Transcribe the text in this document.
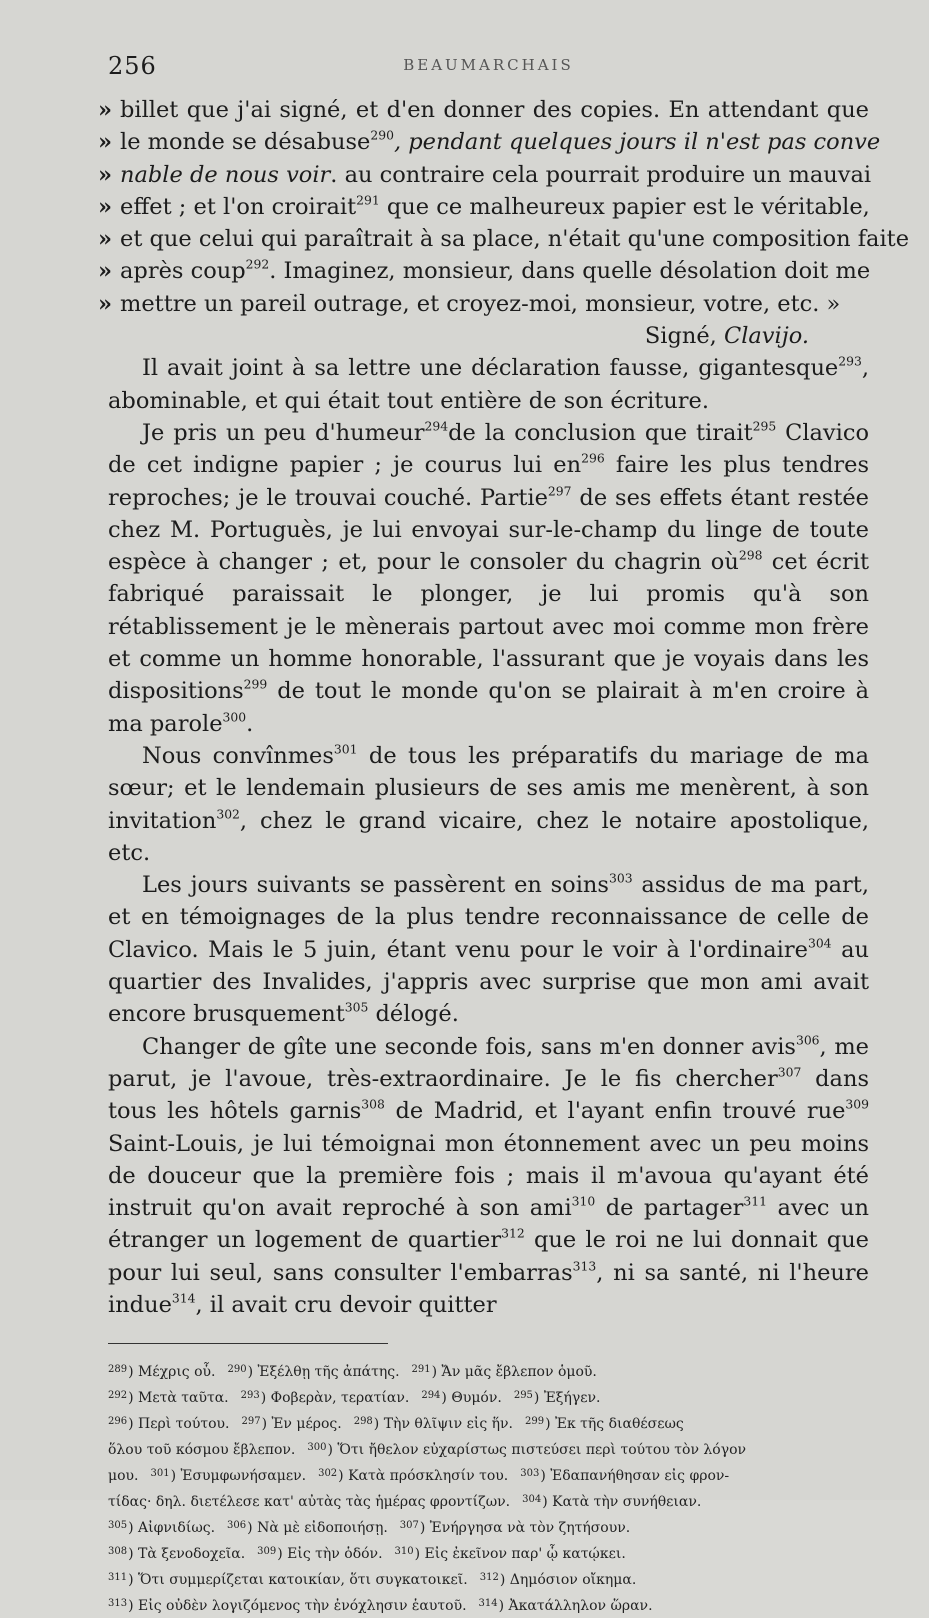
256	BEAUMARCHAIS
» billet que j'ai signé, et d'en donner des copies. En attendant que
» le monde se désabuse$^{290}$, pendant quelques jours il n'est pas conve
» nable de nous voir. au contraire cela pourrait produire un mauvai
» effet ; et l'on croirait$^{291}$ que ce malheureux papier est le véritable,
» et que celui qui paraîtrait à sa place, n'était qu'une composition faite
» après coup$^{292}$. Imaginez, monsieur, dans quelle désolation doit me
» mettre un pareil outrage, et croyez-moi, monsieur, votre, etc. »
Signé, Clavijo.

Il avait joint à sa lettre une déclaration fausse, gigantesque$^{293}$, abominable, et qui était tout entière de son écriture.

Je pris un peu d'humeur$^{294}$de la conclusion que tirait$^{295}$ Clavico de cet indigne papier ; je courus lui $en^{296}$ faire les plus tendres reproches; je le trouvai couché. Partie$^{297}$ de ses effets étant restée chez M. Portuguès, je lui envoyai sur-le-champ du linge de toute espèce à changer ; et, pour le consoler du chagrin $où^{298}$ cet écrit fabriqué paraissait le plonger, je lui promis qu'à son rétablissement je le mènerais partout avec moi comme mon frère et comme un homme honorable, l'assurant que je voyais dans les dispositions$^{299}$ de tout le monde qu'on se plairait à m'en croire à ma parole$^{300}$.

Nous convînmes$^{301}$ de tous les préparatifs du mariage de ma sœur; et le lendemain plusieurs de ses amis me menèrent, à son invitation$^{302}$, chez le grand vicaire, chez le notaire apostolique, etc.

Les jours suivants se passèrent en soins$^{303}$ assidus de ma part, et en témoignages de la plus tendre reconnaissance de celle de Clavico. Mais le 5 juin, étant venu pour le voir à l'ordinaire$^{304}$ au quartier des Invalides, j'appris avec surprise que mon ami avait encore brusquement$^{305}$ délogé.

Changer de gîte une seconde fois, sans m'en donner avis$^{306}$, me parut, je l'avoue, très-extraordinaire. Je le fis chercher$^{307}$ dans tous les hôtels garnis$^{308}$ de Madrid, et l'ayant enfin trouvé rue$^{309}$ Saint-Louis, je lui témoignai mon étonnement avec un peu moins de douceur que la première fois ; mais il m'avoua qu'ayant été instruit qu'on avait reproché à son ami$^{310}$ de partager$^{311}$ avec un étranger un logement de quartier$^{312}$ que le roi ne lui donnait que pour lui seul, sans consulter l'embarras$^{313}$, ni sa santé, ni l'heure indue$^{314}$, il avait cru devoir quitter

$^{289}$) Μέχρις οὗ. $^{290}$) Ἐξέλθῃ τῆς ἀπάτης. $^{291}$) Ἄν μᾶς ἔβλεπον ὁμοῦ.
$^{292}$) Μετὰ ταῦτα. $^{293}$) Φοβερὰν, τερατίαν. $^{294}$) Θυμόν. $^{295}$) Ἐξήγεν.
$^{296}$) Περὶ τούτου. $^{297}$) Ἐν μέρος. $^{298}$) Τὴν θλῖψιν εἰς ἥν. $^{299}$) Ἐκ τῆς διαθέσεως
ὅλου τοῦ κόσμου ἔβλεπον. $^{300}$) Ὅτι ἤθελον εὐχαρίστως πιστεύσει περὶ τούτου τὸν λόγον
μου. $^{301}$) Ἐσυμφωνήσαμεν. $^{302}$) Κατὰ πρόσκλησίν του. $^{303}$) Ἐδαπανήθησαν εἰς φρον-
τίδας· δηλ. διετέλεσε κατ' αὐτὰς τὰς ἡμέρας φροντίζων. $^{304}$) Κατὰ τὴν συνήθειαν.
$^{305}$) Αἰφνιδίως. $^{306}$) Νὰ μὲ εἰδοποιήσῃ. $^{307}$) Ἐνήργησα νὰ τὸν ζητήσουν.
$^{308}$) Τὰ ξενοδοχεῖα. $^{309}$) Εἰς τὴν ὁδόν. $^{310}$) Εἰς ἐκεῖνον παρ' ᾧ κατῴκει.
$^{311}$) Ὅτι συμμερίζεται κατοικίαν, ὅτι συγκατοικεῖ. $^{312}$) Δημόσιον οἴκημα.
$^{313}$) Εἰς οὐδὲν λογιζόμενος τὴν ἐνόχλησιν ἑαυτοῦ. $^{314}$) Ἀκατάλληλον ὥραν.
